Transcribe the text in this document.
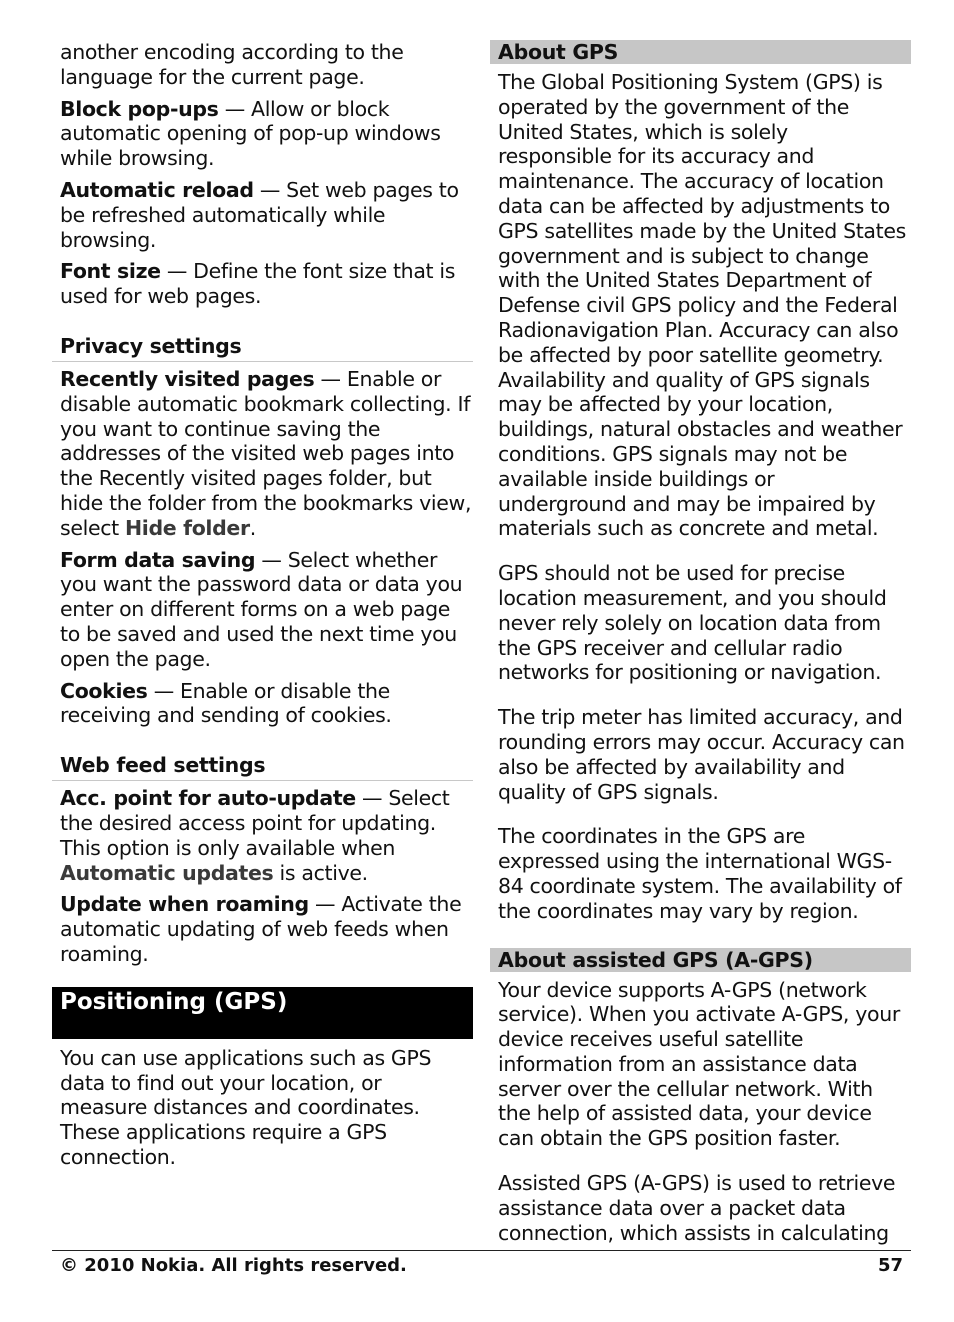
another encoding according to the language for the current page.

Block pop-ups — Allow or block automatic opening of pop-up windows while browsing.

Automatic reload — Set web pages to be refreshed automatically while browsing.

Font size — Define the font size that is used for web pages.

Privacy settings

Recently visited pages — Enable or disable automatic bookmark collecting. If you want to continue saving the addresses of the visited web pages into the Recently visited pages folder, but hide the folder from the bookmarks view, select Hide folder.

Form data saving — Select whether you want the password data or data you enter on different forms on a web page to be saved and used the next time you open the page.

Cookies — Enable or disable the receiving and sending of cookies.

Web feed settings

Acc. point for auto-update — Select the desired access point for updating. This option is only available when Automatic updates is active.

Update when roaming — Activate the automatic updating of web feeds when roaming.

Positioning (GPS)

You can use applications such as GPS data to find out your location, or measure distances and coordinates. These applications require a GPS connection.

About GPS

The Global Positioning System (GPS) is operated by the government of the United States, which is solely responsible for its accuracy and maintenance. The accuracy of location data can be affected by adjustments to GPS satellites made by the United States government and is subject to change with the United States Department of Defense civil GPS policy and the Federal Radionavigation Plan. Accuracy can also be affected by poor satellite geometry. Availability and quality of GPS signals may be affected by your location, buildings, natural obstacles and weather conditions. GPS signals may not be available inside buildings or underground and may be impaired by materials such as concrete and metal.

GPS should not be used for precise location measurement, and you should never rely solely on location data from the GPS receiver and cellular radio networks for positioning or navigation.

The trip meter has limited accuracy, and rounding errors may occur. Accuracy can also be affected by availability and quality of GPS signals.

The coordinates in the GPS are expressed using the international WGS-84 coordinate system. The availability of the coordinates may vary by region.

About assisted GPS (A-GPS)

Your device supports A-GPS (network service). When you activate A-GPS, your device receives useful satellite information from an assistance data server over the cellular network. With the help of assisted data, your device can obtain the GPS position faster.

Assisted GPS (A-GPS) is used to retrieve assistance data over a packet data connection, which assists in calculating

© 2010 Nokia. All rights reserved.	57
